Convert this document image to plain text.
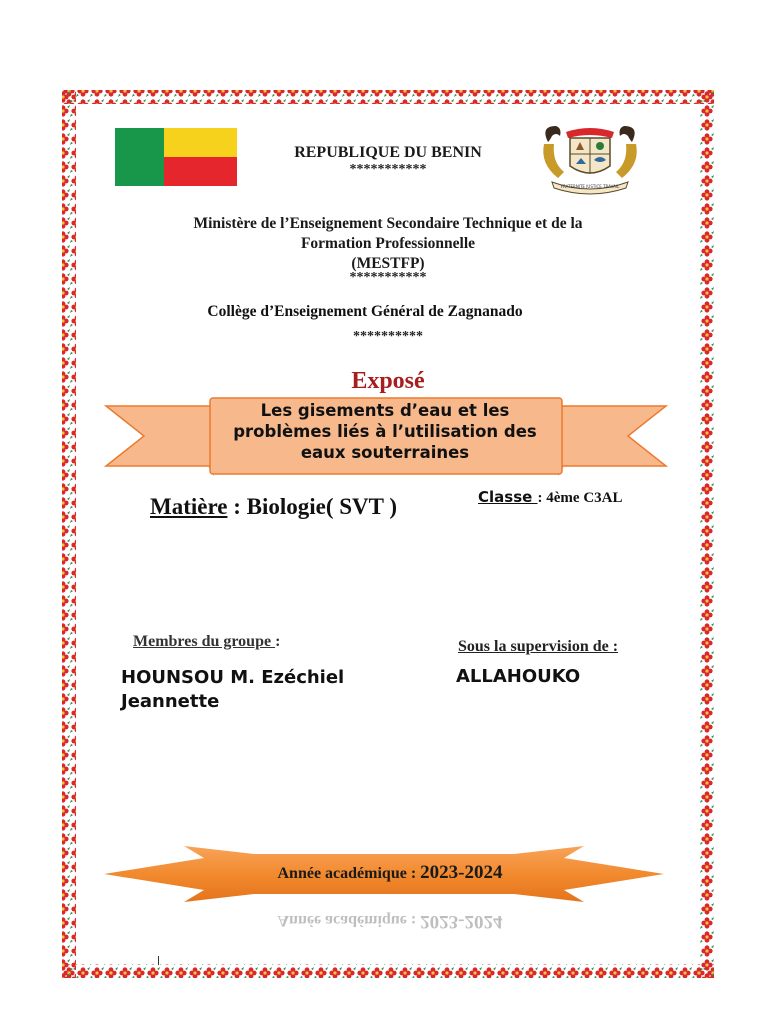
FRATERNITE JUSTICE TRAVAIL
REPUBLIQUE DU BENIN
***********
Ministère de l’Enseignement Secondaire Technique et de la
Formation Professionnelle
(MESTFP)
***********
Collège d’Enseignement Général de Zagnanado
**********
Exposé
Les gisements d’eau et les
problèmes liés à l’utilisation des
eaux souterraines
Matière : Biologie( SVT )	Classe : 4ème C3AL
Membres du groupe :	Sous la supervision de :
HOUNSOU M. Ezéchiel
Jeannette
ALLAHOUKO
Année académique : 2023-2024
Année académique : 2023-2024
